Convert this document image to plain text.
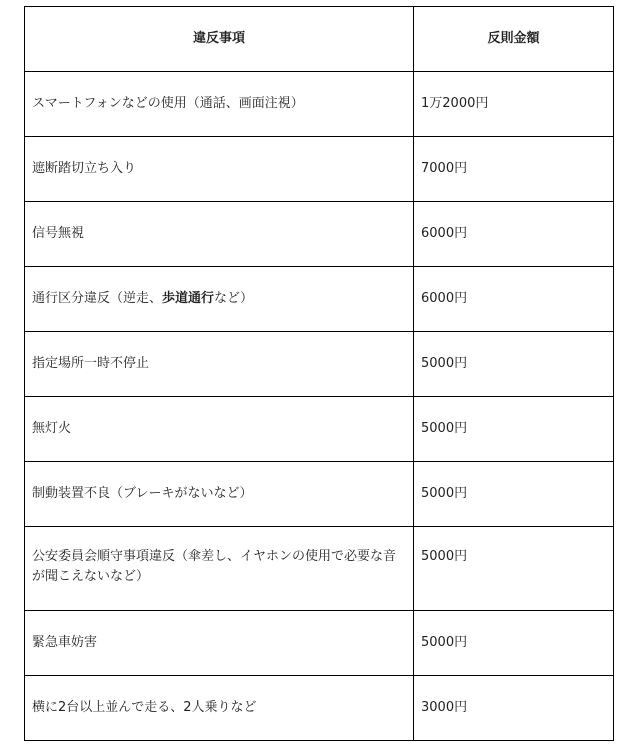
違反事項	反則金額
スマートフォンなどの使用（通話、画面注視）	1万2000円
遮断踏切立ち入り	7000円
信号無視	6000円
通行区分違反（逆走、歩道通行など）	6000円
指定場所一時不停止	5000円
無灯火	5000円
制動装置不良（ブレーキがないなど）	5000円
公安委員会順守事項違反（傘差し、イヤホンの使用で必要な音が聞こえないなど）	5000円
緊急車妨害	5000円
横に2台以上並んで走る、2人乗りなど	3000円
